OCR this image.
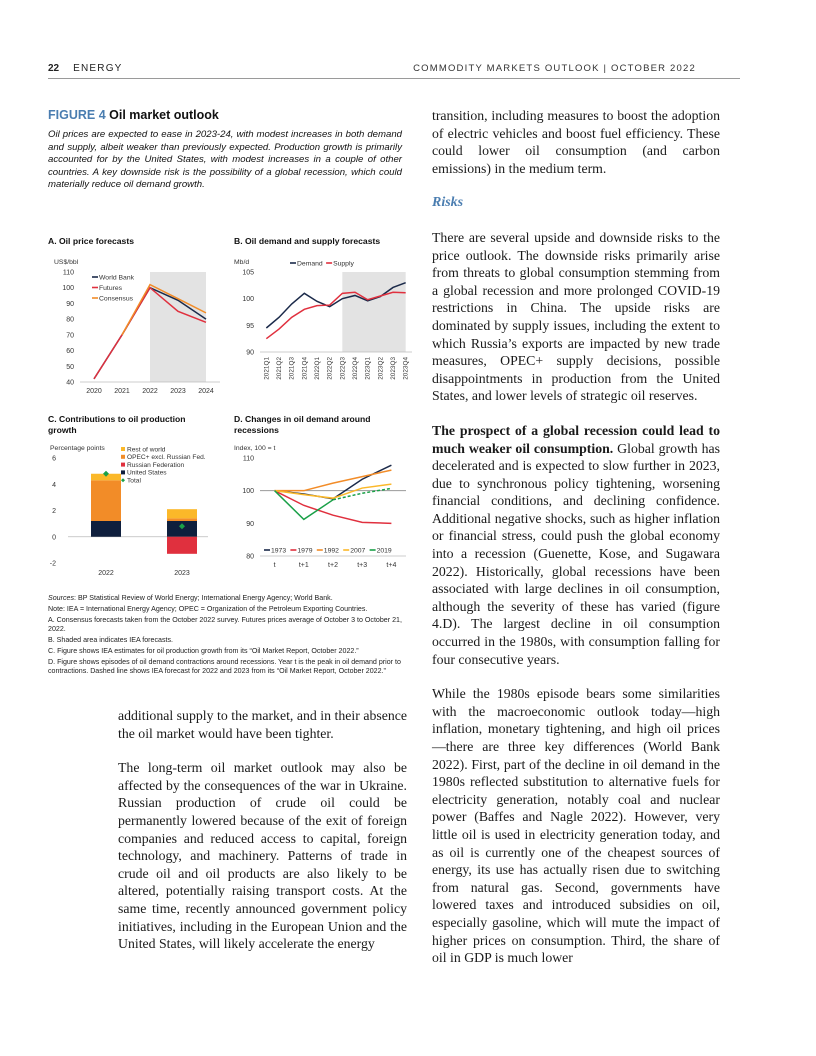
22 ENERGY	COMMODITY MARKETS OUTLOOK | OCTOBER 2022
FIGURE 4 Oil market outlook
Oil prices are expected to ease in 2023-24, with modest increases in both demand and supply, albeit weaker than previously expected. Production growth is primarily accounted for by the United States, with modest increases in a couple of other countries. A key downside risk is the possibility of a global recession, which could materially reduce oil demand growth.
A. Oil price forecasts
US$/bbl
40
50
60
70
80
90
100
110
2020 2021 2022 2023 2024
World Bank
Futures
Consensus
B. Oil demand and supply forecasts
Mb/d
90
95
100
105
2021Q1 2021Q2 2021Q3 2021Q4 2022Q1 2022Q2 2022Q3 2022Q4 2023Q1 2023Q2 2023Q3 2023Q4
Demand Supply
C. Contributions to oil production growth
Percentage points
-2
0
2
4
6
2022	2023
Rest of world
OPEC+ excl. Russian Fed.
Russian Federation
United States
Total
D. Changes in oil demand around recessions
Index, 100 = t
80
90
100
110
t	t+1	t+2	t+3	t+4
1973 1979 1992 2007 2019

Sources: BP Statistical Review of World Energy; International Energy Agency; World Bank.

Note: IEA = International Energy Agency; OPEC = Organization of the Petroleum Exporting Countries.

A. Consensus forecasts taken from the October 2022 survey. Futures prices average of October 3 to October 21, 2022.

B. Shaded area indicates IEA forecasts.

C. Figure shows IEA estimates for oil production growth from its “Oil Market Report, October 2022.”

D. Figure shows episodes of oil demand contractions around recessions. Year t is the peak in oil demand prior to contractions. Dashed line shows IEA forecast for 2022 and 2023 from its “Oil Market Report, October 2022.”

additional supply to the market, and in their absence the oil market would have been tighter.

The long-term oil market outlook may also be affected by the consequences of the war in Ukraine. Russian production of crude oil could be permanently lowered because of the exit of foreign companies and reduced access to capital, foreign technology, and machinery. Patterns of trade in crude oil and oil products are also likely to be altered, potentially raising transport costs. At the same time, recently announced government policy initiatives, including in the European Union and the United States, will likely accelerate the energy

transition, including measures to boost the adoption of electric vehicles and boost fuel efficiency. These could lower oil consumption (and carbon emissions) in the medium term.

Risks

There are several upside and downside risks to the price outlook. The downside risks primarily arise from threats to global consumption stemming from a global recession and more prolonged COVID-19 restrictions in China. The upside risks are dominated by supply issues, including the extent to which Russia’s exports are impacted by new trade measures, OPEC+ supply decisions, possible disappointments in production from the United States, and lower levels of strategic oil reserves.

The prospect of a global recession could lead to much weaker oil consumption. Global growth has decelerated and is expected to slow further in 2023, due to synchronous policy tightening, worsening financial conditions, and declining confidence. Additional negative shocks, such as higher inflation or financial stress, could push the global economy into a recession (Guenette, Kose, and Sugawara 2022). Historically, global recessions have been associated with large declines in oil consumption, although the severity of these has varied (figure 4.D). The largest decline in oil consumption occurred in the 1980s, with consumption falling for four consecutive years.

While the 1980s episode bears some similarities with the macroeconomic outlook today—high inflation, monetary tightening, and high oil prices—there are three key differences (World Bank 2022). First, part of the decline in oil demand in the 1980s reflected substitution to alternative fuels for electricity generation, notably coal and nuclear power (Baffes and Nagle 2022). However, very little oil is used in electricity generation today, and as oil is currently one of the cheapest sources of energy, its use has actually risen due to switching from natural gas. Second, governments have lowered taxes and introduced subsidies on oil, especially gasoline, which will mute the impact of higher prices on consumption. Third, the share of oil in GDP is much lower
